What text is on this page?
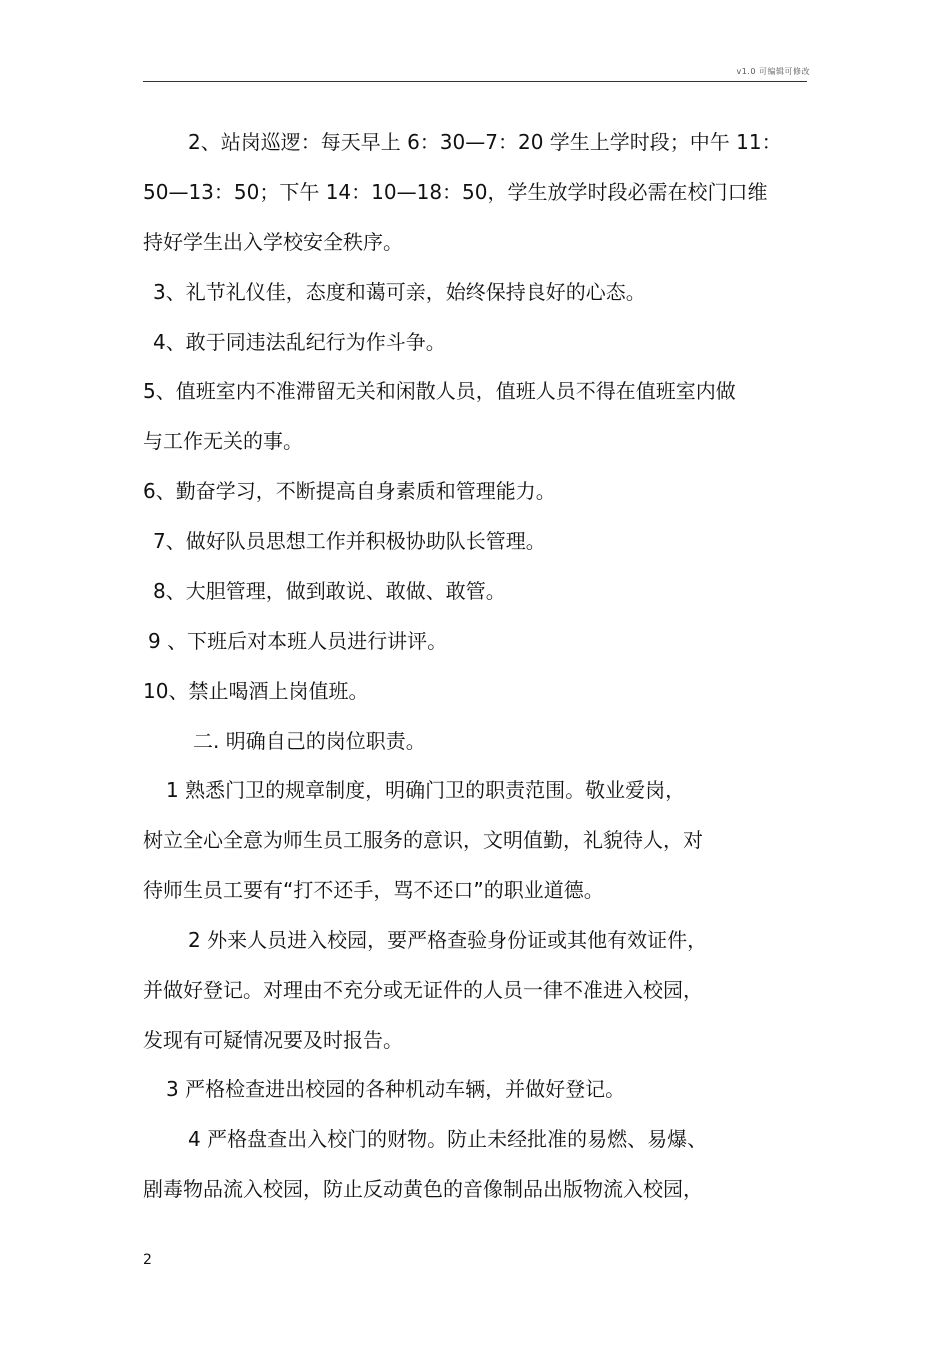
v1.0 可编辑可修改
2、站岗巡逻：每天早上 6：30—7：20 学生上学时段；中午 11：
50—13：50；下午 14：10—18：50，学生放学时段必需在校门口维
持好学生出入学校安全秩序。
3、礼节礼仪佳，态度和蔼可亲，始终保持良好的心态。
4、敢于同违法乱纪行为作斗争。
5、值班室内不准滞留无关和闲散人员，值班人员不得在值班室内做
与工作无关的事。
6、勤奋学习，不断提高自身素质和管理能力。
7、做好队员思想工作并积极协助队长管理。
8、大胆管理，做到敢说、敢做、敢管。
9 、下班后对本班人员进行讲评。
10、禁止喝酒上岗值班。
二. 明确自己的岗位职责。
1 熟悉门卫的规章制度，明确门卫的职责范围。敬业爱岗，
树立全心全意为师生员工服务的意识，文明值勤，礼貌待人，对
待师生员工要有“打不还手，骂不还口”的职业道德。
2 外来人员进入校园，要严格查验身份证或其他有效证件，
并做好登记。对理由不充分或无证件的人员一律不准进入校园，
发现有可疑情况要及时报告。
3 严格检查进出校园的各种机动车辆，并做好登记。
4 严格盘查出入校门的财物。防止未经批准的易燃、易爆、
剧毒物品流入校园，防止反动黄色的音像制品出版物流入校园，
2
